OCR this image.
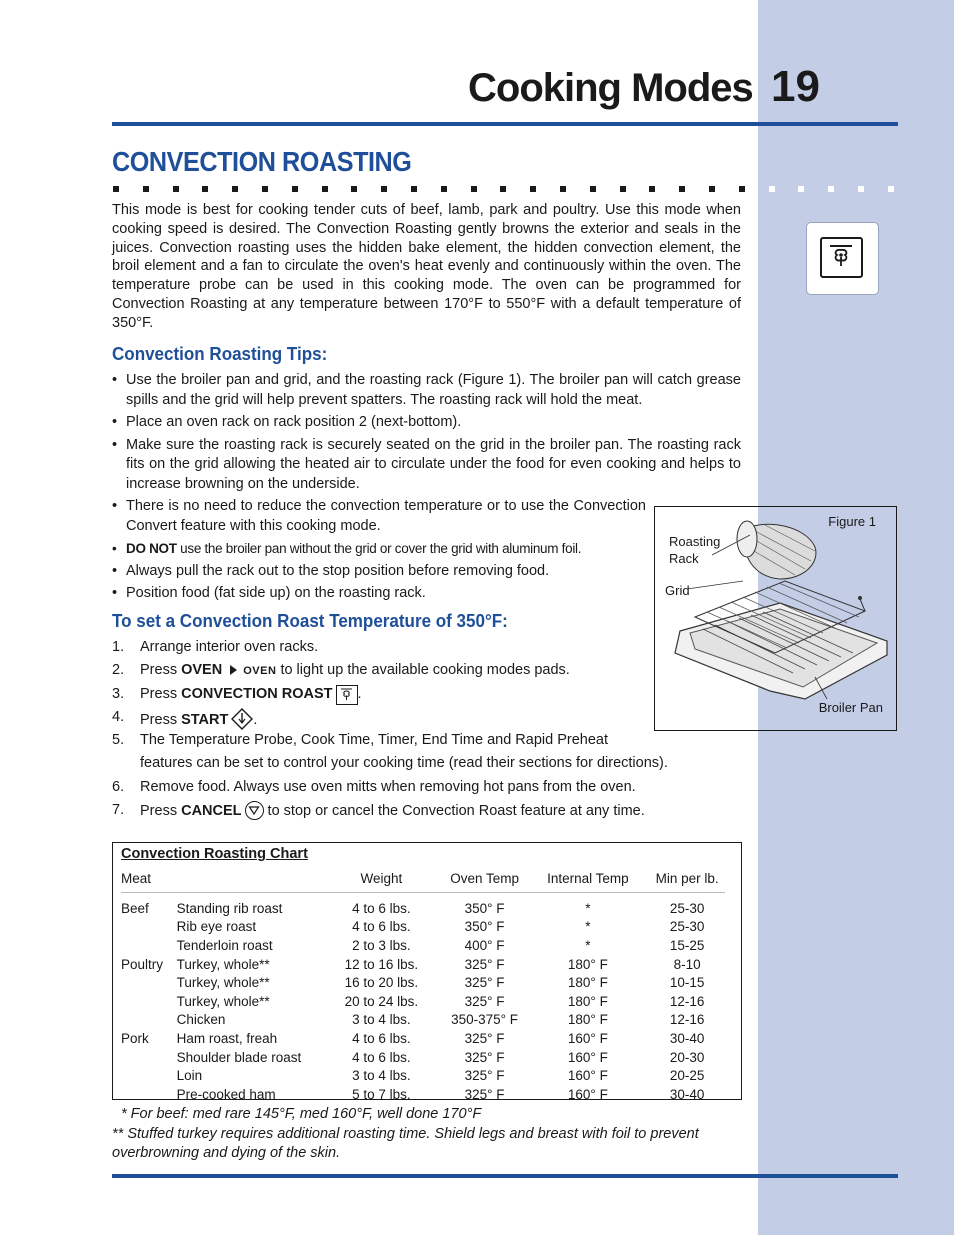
Cooking Modes 19
CONVECTION ROASTING
This mode is best for cooking tender cuts of beef, lamb, park and poultry. Use this mode when cooking speed is desired. The Convection Roasting gently browns the exterior and seals in the juices. Convection roasting uses the hidden bake element, the hidden convection element, the broil element and a fan to circulate the oven's heat evenly and continuously within the oven. The temperature probe can be used in this cooking mode. The oven can be programmed for Convection Roasting at any temperature between 170°F to 550°F with a default temperature of 350°F.
Convection Roasting Tips:
• Use the broiler pan and grid, and the roasting rack (Figure 1). The broiler pan will catch grease spills and the grid will help prevent spatters. The roasting rack will hold the meat.
• Place an oven rack on rack position 2 (next-bottom).
• Make sure the roasting rack is securely seated on the grid in the broiler pan. The roasting rack fits on the grid allowing the heated air to circulate under the food for even cooking and helps to increase browning on the underside.
• There is no need to reduce the convection temperature or to use the Convection Convert feature with this cooking mode.
• DO NOT use the broiler pan without the grid or cover the grid with aluminum foil.
• Always pull the rack out to the stop position before removing food.
• Position food (fat side up) on the roasting rack.
To set a Convection Roast Temperature of 350°F:
1. Arrange interior oven racks.
2. Press OVEN OVEN to light up the available cooking modes pads.
3. Press CONVECTION ROAST .
4. Press START .
5. The Temperature Probe, Cook Time, Timer, End Time and Rapid Preheat
features can be set to control your cooking time (read their sections for directions).
6. Remove food. Always use oven mitts when removing hot pans from the oven.
7. Press CANCEL
to stop or cancel the Convection Roast feature at any time.
Figure 1
Roasting
Rack
Grid
Broiler Pan
Convection Roasting Chart
Meat		Weight	Oven Temp	Internal Temp	Min per lb.
Beef	Standing rib roast	4 to 6 lbs.	350° F	*	25-30
	Rib eye roast	4 to 6 lbs.	350° F	*	25-30
	Tenderloin roast	2 to 3 lbs.	400° F	*	15-25
Poultry	Turkey, whole**	12 to 16 lbs.	325° F	180° F	8-10
	Turkey, whole**	16 to 20 lbs.	325° F	180° F	10-15
	Turkey, whole**	20 to 24 lbs.	325° F	180° F	12-16
	Chicken	3 to 4 lbs.	350-375° F	180° F	12-16
Pork	Ham roast, freah	4 to 6 lbs.	325° F	160° F	30-40
	Shoulder blade roast	4 to 6 lbs.	325° F	160° F	20-30
	Loin	3 to 4 lbs.	325° F	160° F	20-25
	Pre-cooked ham	5 to 7 lbs.	325° F	160° F	30-40
* For beef: med rare 145°F, med 160°F, well done 170°F
** Stuffed turkey requires additional roasting time. Shield legs and breast with foil to prevent overbrowning and dying of the skin.
